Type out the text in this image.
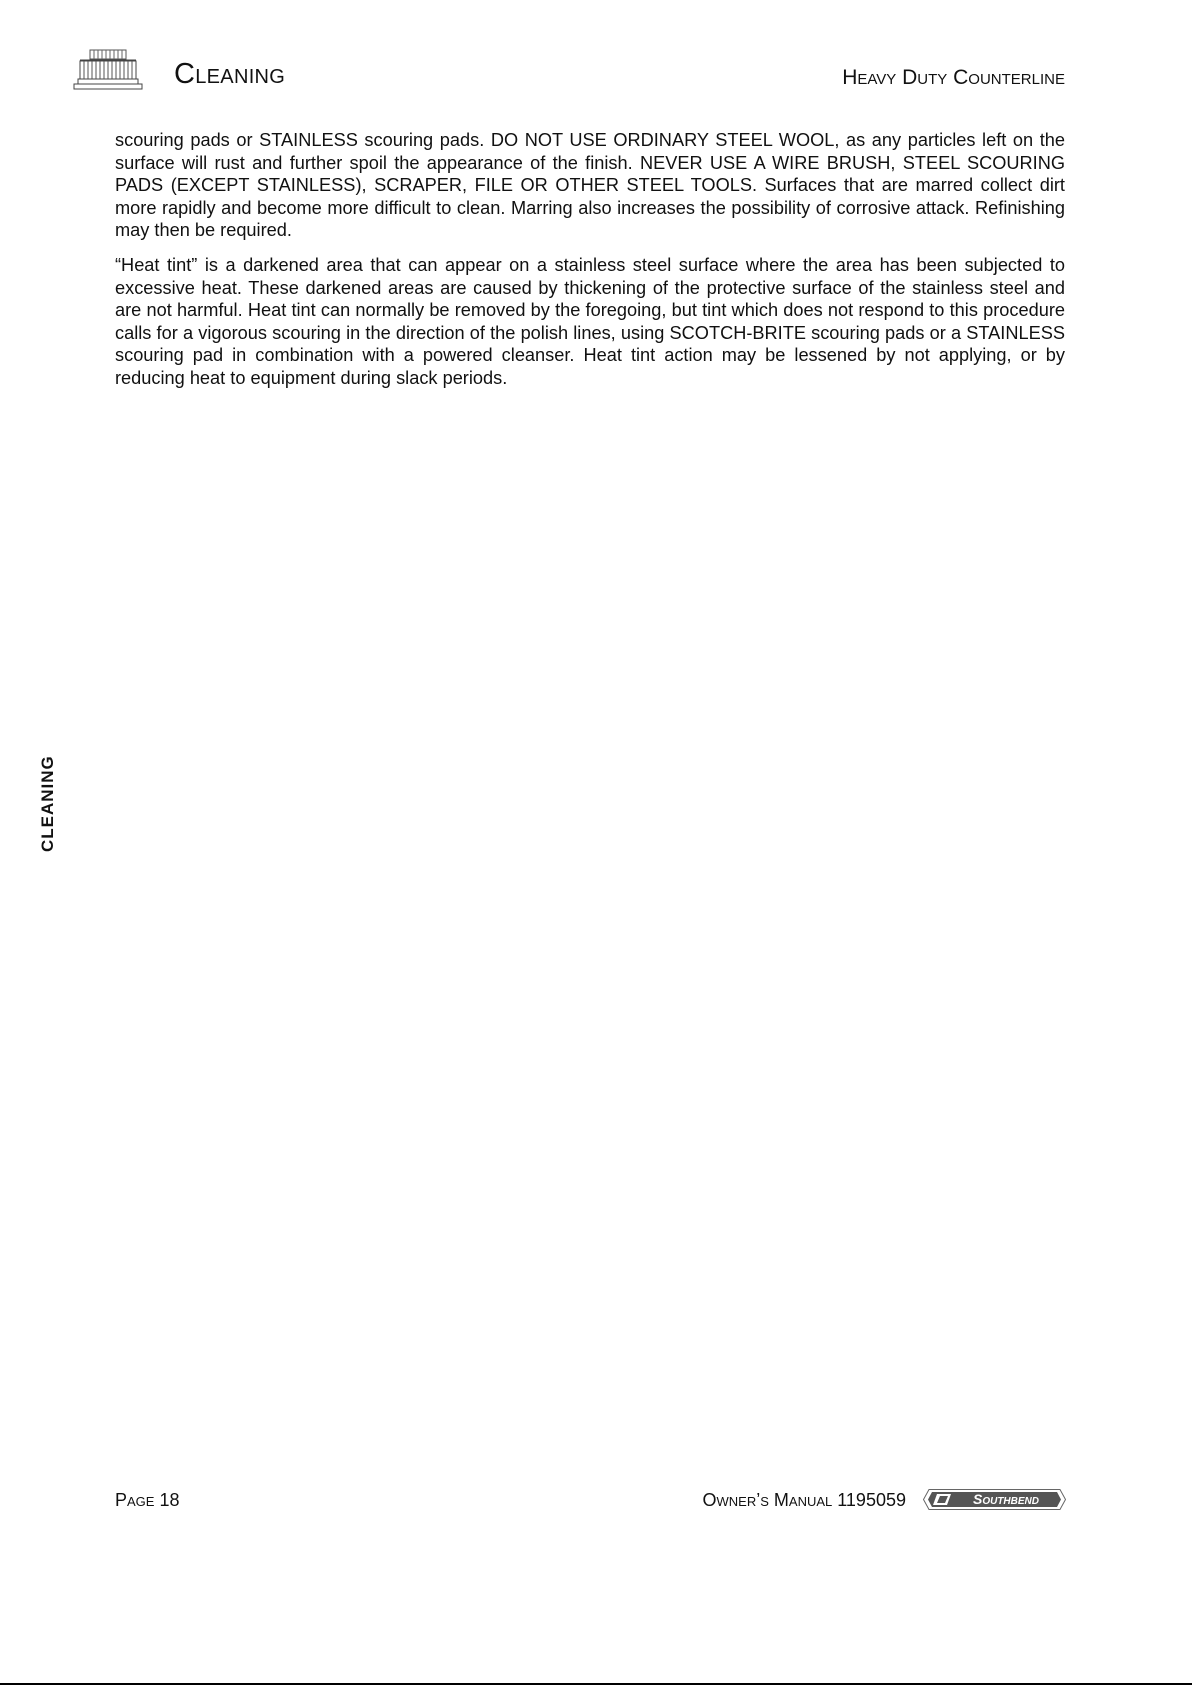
Cleaning	Heavy Duty Counterline

scouring pads or STAINLESS scouring pads. DO NOT USE ORDINARY STEEL WOOL, as any particles left on the surface will rust and further spoil the appearance of the finish. NEVER USE A WIRE BRUSH, STEEL SCOURING PADS (EXCEPT STAINLESS), SCRAPER, FILE OR OTHER STEEL TOOLS. Surfaces that are marred collect dirt more rapidly and become more difficult to clean. Marring also increases the possibility of corrosive attack. Refinishing may then be required.

“Heat tint” is a darkened area that can appear on a stainless steel surface where the area has been subjected to excessive heat. These darkened areas are caused by thickening of the protective surface of the stainless steel and are not harmful. Heat tint can normally be removed by the foregoing, but tint which does not respond to this procedure calls for a vigorous scouring in the direction of the polish lines, using SCOTCH-BRITE scouring pads or a STAINLESS scouring pad in combination with a powered cleanser. Heat tint action may be lessened by not applying, or by reducing heat to equipment during slack periods.

CLEANING
Page 18	Owner’s Manual 1195059	Southbend
